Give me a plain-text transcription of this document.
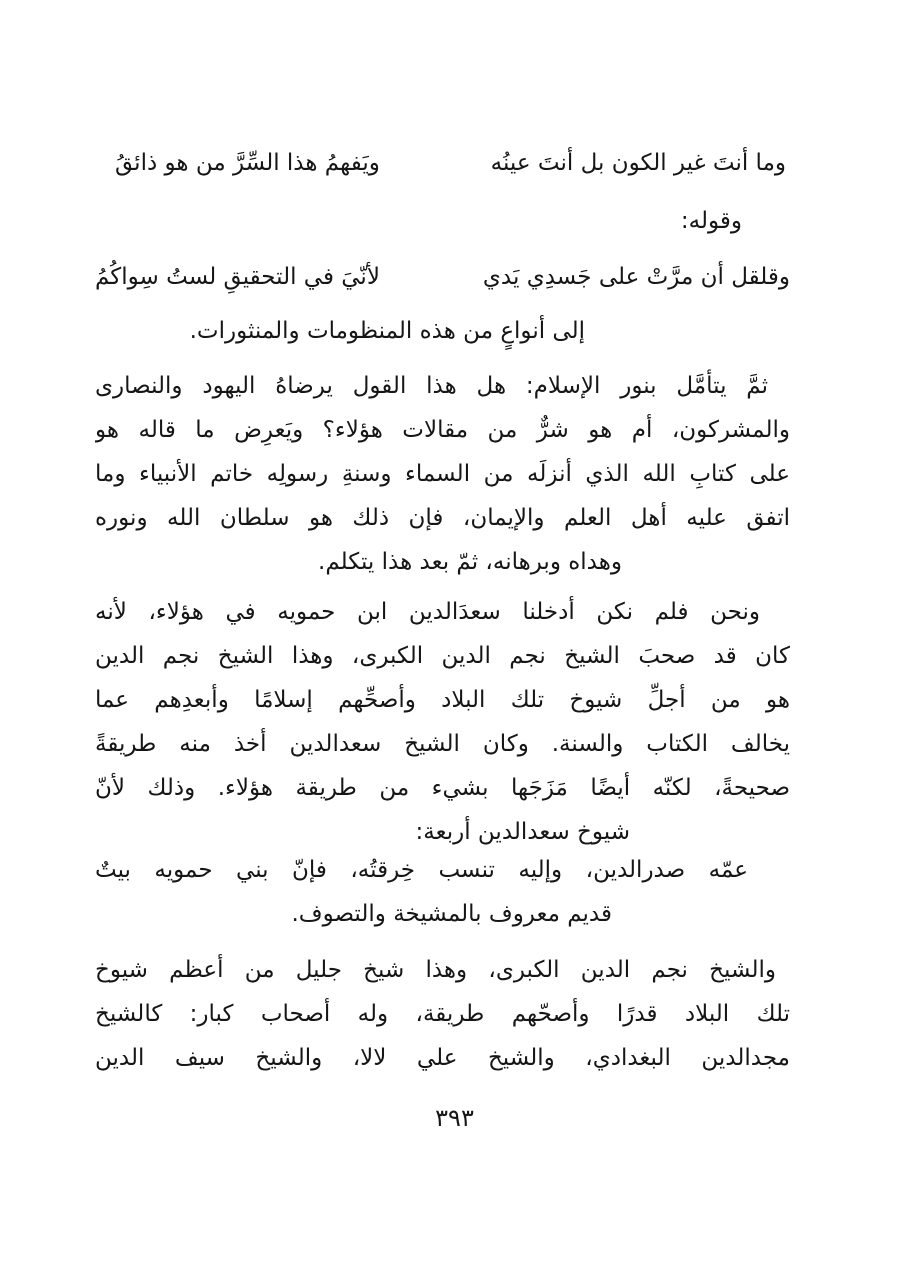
وما أنتَ غير الكون بل أنتَ عينُه
ويَفهمُ هذا السِّرَّ من هو ذائقُ
وقوله:
وقلقل أن مرَّتْ على جَسدِي يَدي
لأنّيَ في التحقيقِ لستُ سِواكُمُ
إلى أنواعٍ من هذه المنظومات والمنثورات.
ثمَّ يتأمَّل بنور الإسلام: هل هذا القول يرضاهُ اليهود والنصارى
والمشركون، أم هو شرٌّ من مقالات هؤلاء؟ ويَعرِض ما قاله هو
على كتابِ الله الذي أنزلَه من السماء وسنةِ رسولِه خاتم الأنبياء وما
اتفق عليه أهل العلم والإيمان، فإن ذلك هو سلطان الله ونوره
وهداه وبرهانه، ثمّ بعد هذا يتكلم.
ونحن فلم نكن أدخلنا سعدَالدين ابن حمويه في هؤلاء، لأنه
كان قد صحبَ الشيخ نجم الدين الكبرى، وهذا الشيخ نجم الدين
هو من أجلِّ شيوخ تلك البلاد وأصحِّهم إسلامًا وأبعدِهم عما
يخالف الكتاب والسنة. وكان الشيخ سعدالدين أخذ منه طريقةً
صحيحةً، لكنّه أيضًا مَزَجَها بشيء من طريقة هؤلاء. وذلك لأنّ
شيوخ سعدالدين أربعة:
عمّه صدرالدين، وإليه تنسب خِرقتُه، فإنّ بني حمويه بيتٌ
قديم معروف بالمشيخة والتصوف.
والشيخ نجم الدين الكبرى، وهذا شيخ جليل من أعظم شيوخ
تلك البلاد قدرًا وأصحّهم طريقة، وله أصحاب كبار: كالشيخ
مجدالدين البغدادي، والشيخ علي لالا، والشيخ سيف الدين
٣٩٣
